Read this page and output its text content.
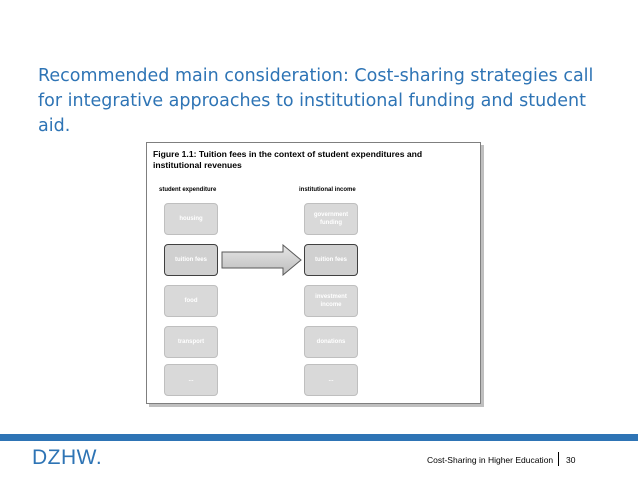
Recommended main consideration: Cost-sharing strategies call for integrative approaches to institutional funding and student aid.
Figure 1.1: Tuition fees in the context of student expenditures and institutional revenues
student expenditure	institutional income
housing
tuition fees
food
transport
...
government funding
tuition fees
investment income
donations
...
DZHW.	Cost-Sharing in Higher Education 30
